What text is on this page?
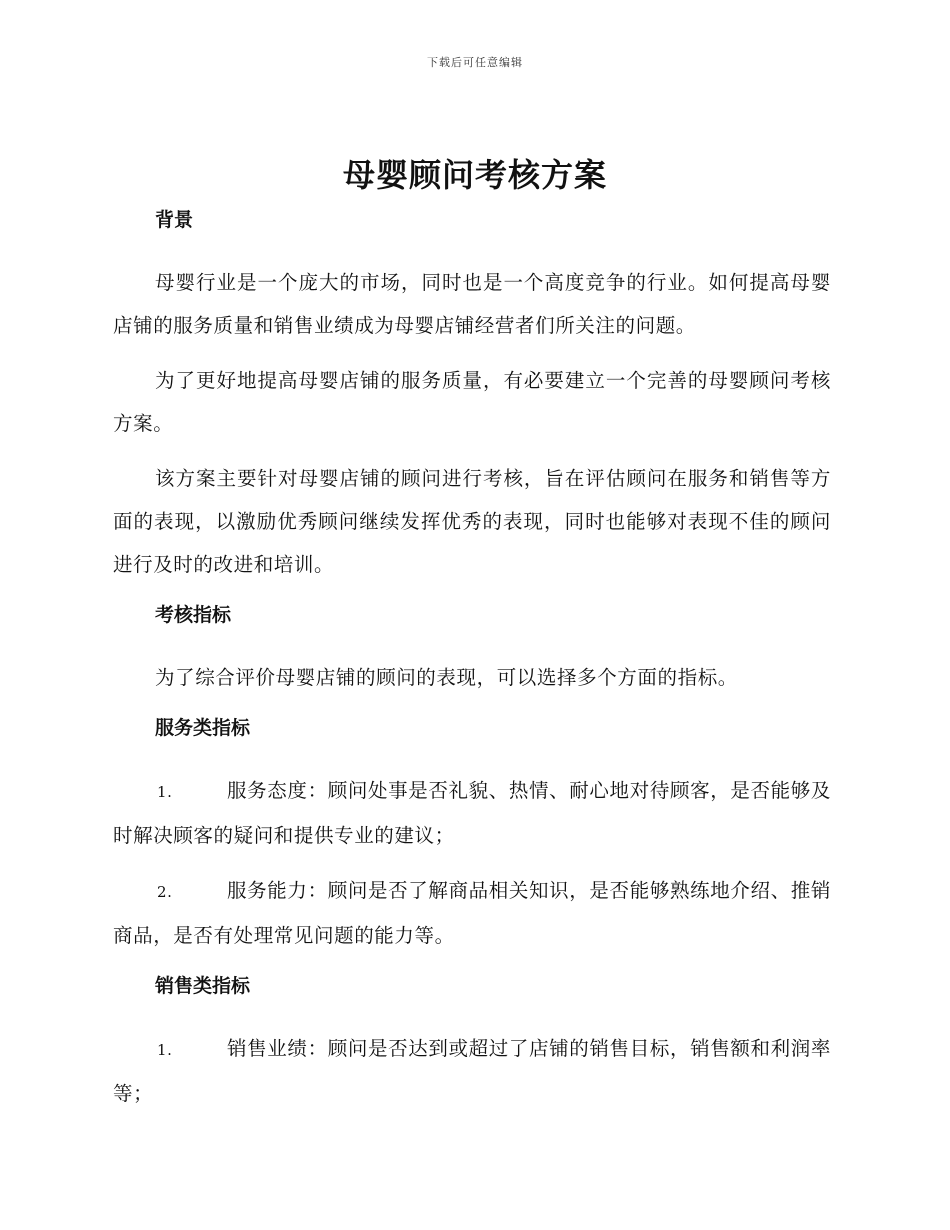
下载后可任意编辑
母婴顾问考核方案

背景

母婴行业是一个庞大的市场，同时也是一个高度竞争的行业。如何提高母婴店铺的服务质量和销售业绩成为母婴店铺经营者们所关注的问题。

为了更好地提高母婴店铺的服务质量，有必要建立一个完善的母婴顾问考核方案。

该方案主要针对母婴店铺的顾问进行考核，旨在评估顾问在服务和销售等方面的表现，以激励优秀顾问继续发挥优秀的表现，同时也能够对表现不佳的顾问进行及时的改进和培训。

考核指标

为了综合评价母婴店铺的顾问的表现，可以选择多个方面的指标。

服务类指标

1.	服务态度：顾问处事是否礼貌、热情、耐心地对待顾客，是否能够及时解决顾客的疑问和提供专业的建议；

2.	服务能力：顾问是否了解商品相关知识，是否能够熟练地介绍、推销商品，是否有处理常见问题的能力等。

销售类指标

1.	销售业绩：顾问是否达到或超过了店铺的销售目标，销售额和利润率等；
